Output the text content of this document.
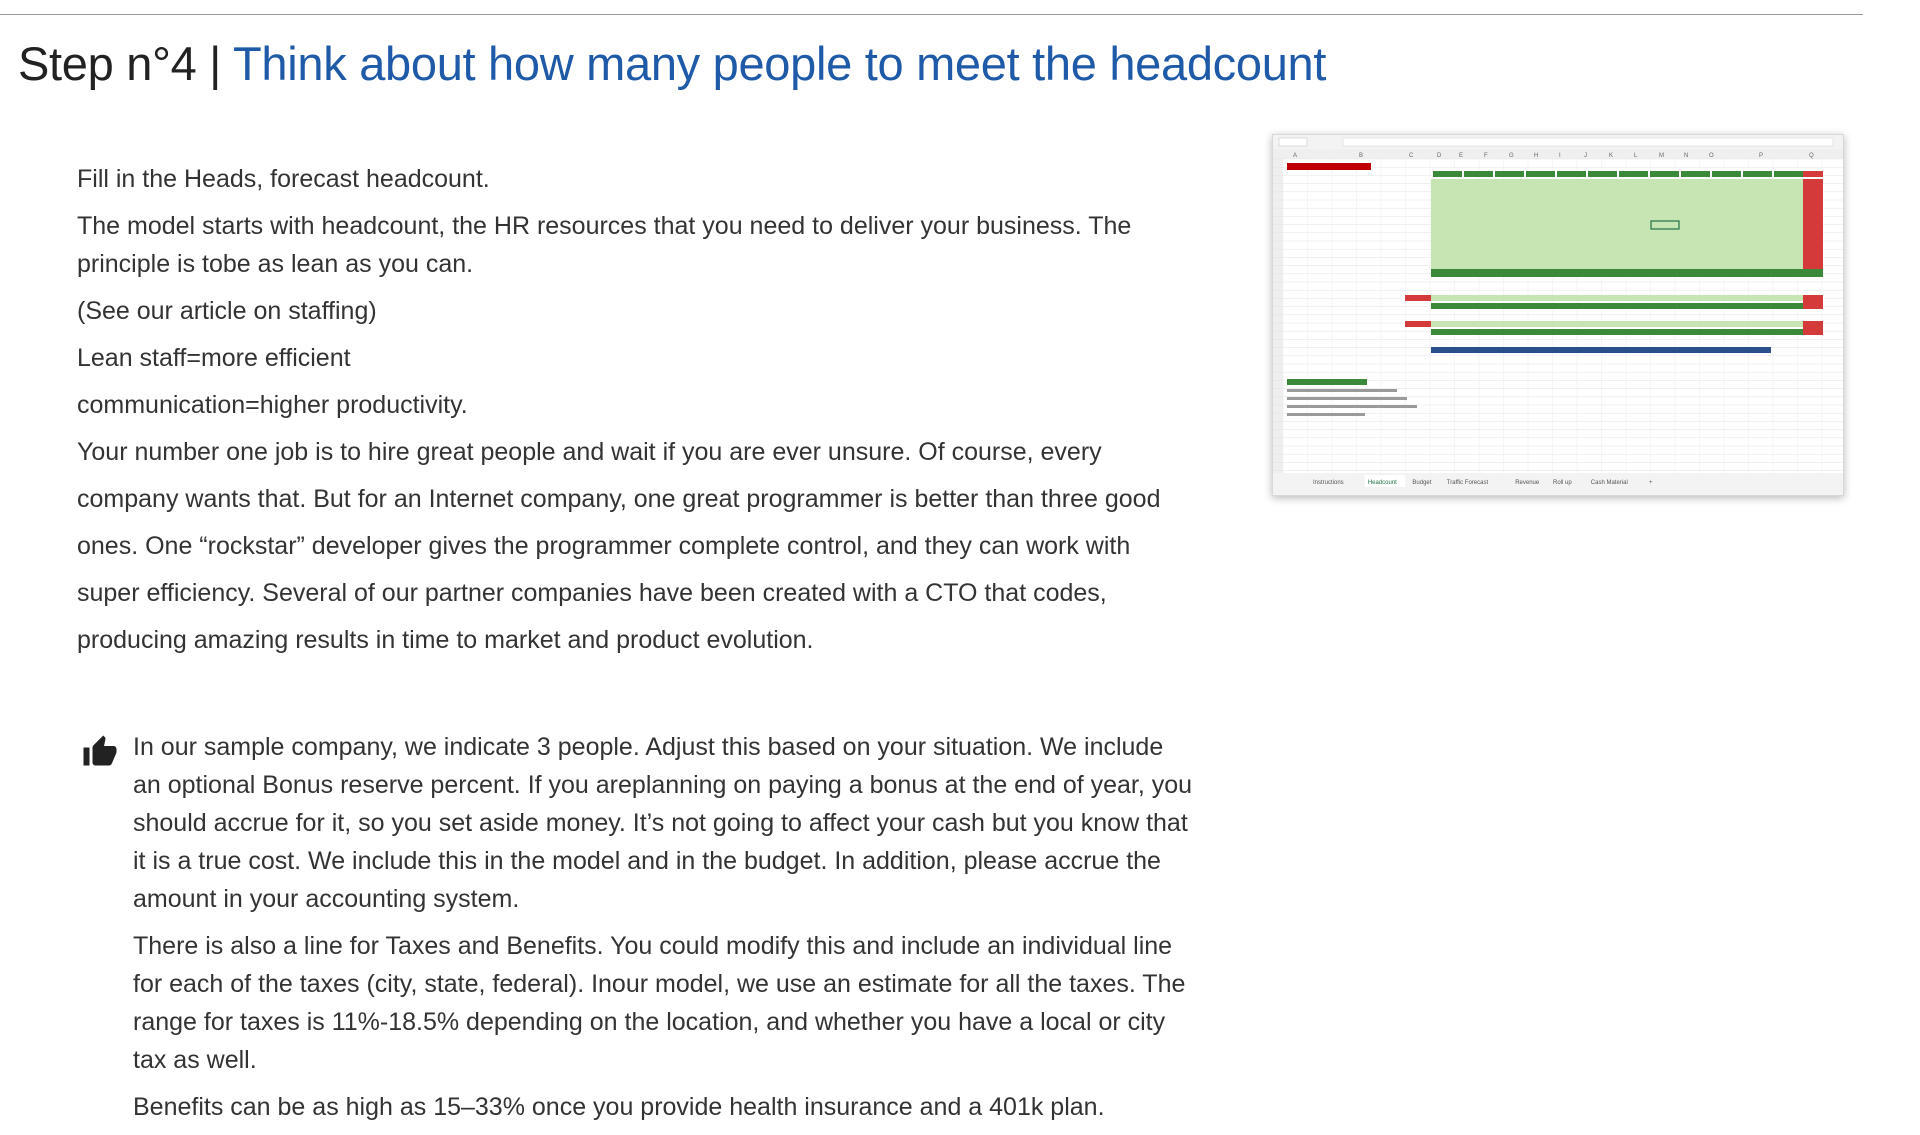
Step n°4 | Think about how many people to meet the headcount

Fill in the Heads, forecast headcount.

The model starts with headcount, the HR resources that you need to deliver your business. The principle is tobe as lean as you can.

(See our article on staffing)

Lean staff=more efficient

communication=higher productivity.

Your number one job is to hire great people and wait if you are ever unsure. Of course, every

company wants that. But for an Internet company, one great programmer is better than three good

ones. One “rockstar” developer gives the programmer complete control, and they can work with

super efficiency. Several of our partner companies have been created with a CTO that codes,

producing amazing results in time to market and product evolution.

In our sample company, we indicate 3 people. Adjust this based on your situation. We include an optional Bonus reserve percent. If you areplanning on paying a bonus at the end of year, you should accrue for it, so you set aside money. It’s not going to affect your cash but you know that it is a true cost. We include this in the model and in the budget. In addition, please accrue the amount in your accounting system.

There is also a line for Taxes and Benefits. You could modify this and include an individual line for each of the taxes (city, state, federal). Inour model, we use an estimate for all the taxes. The range for taxes is 11%-18.5% depending on the location, and whether you have a local or city tax as well.

Benefits can be as high as 15–33% once you provide health insurance and a 401k plan.

A	B	C	D	E	F	G	H	I	J	K	L	M	N	O	P	Q
Instructions	Headcount	Budget	Traffic Forecast	Revenue Roll up	Cash Material	+
